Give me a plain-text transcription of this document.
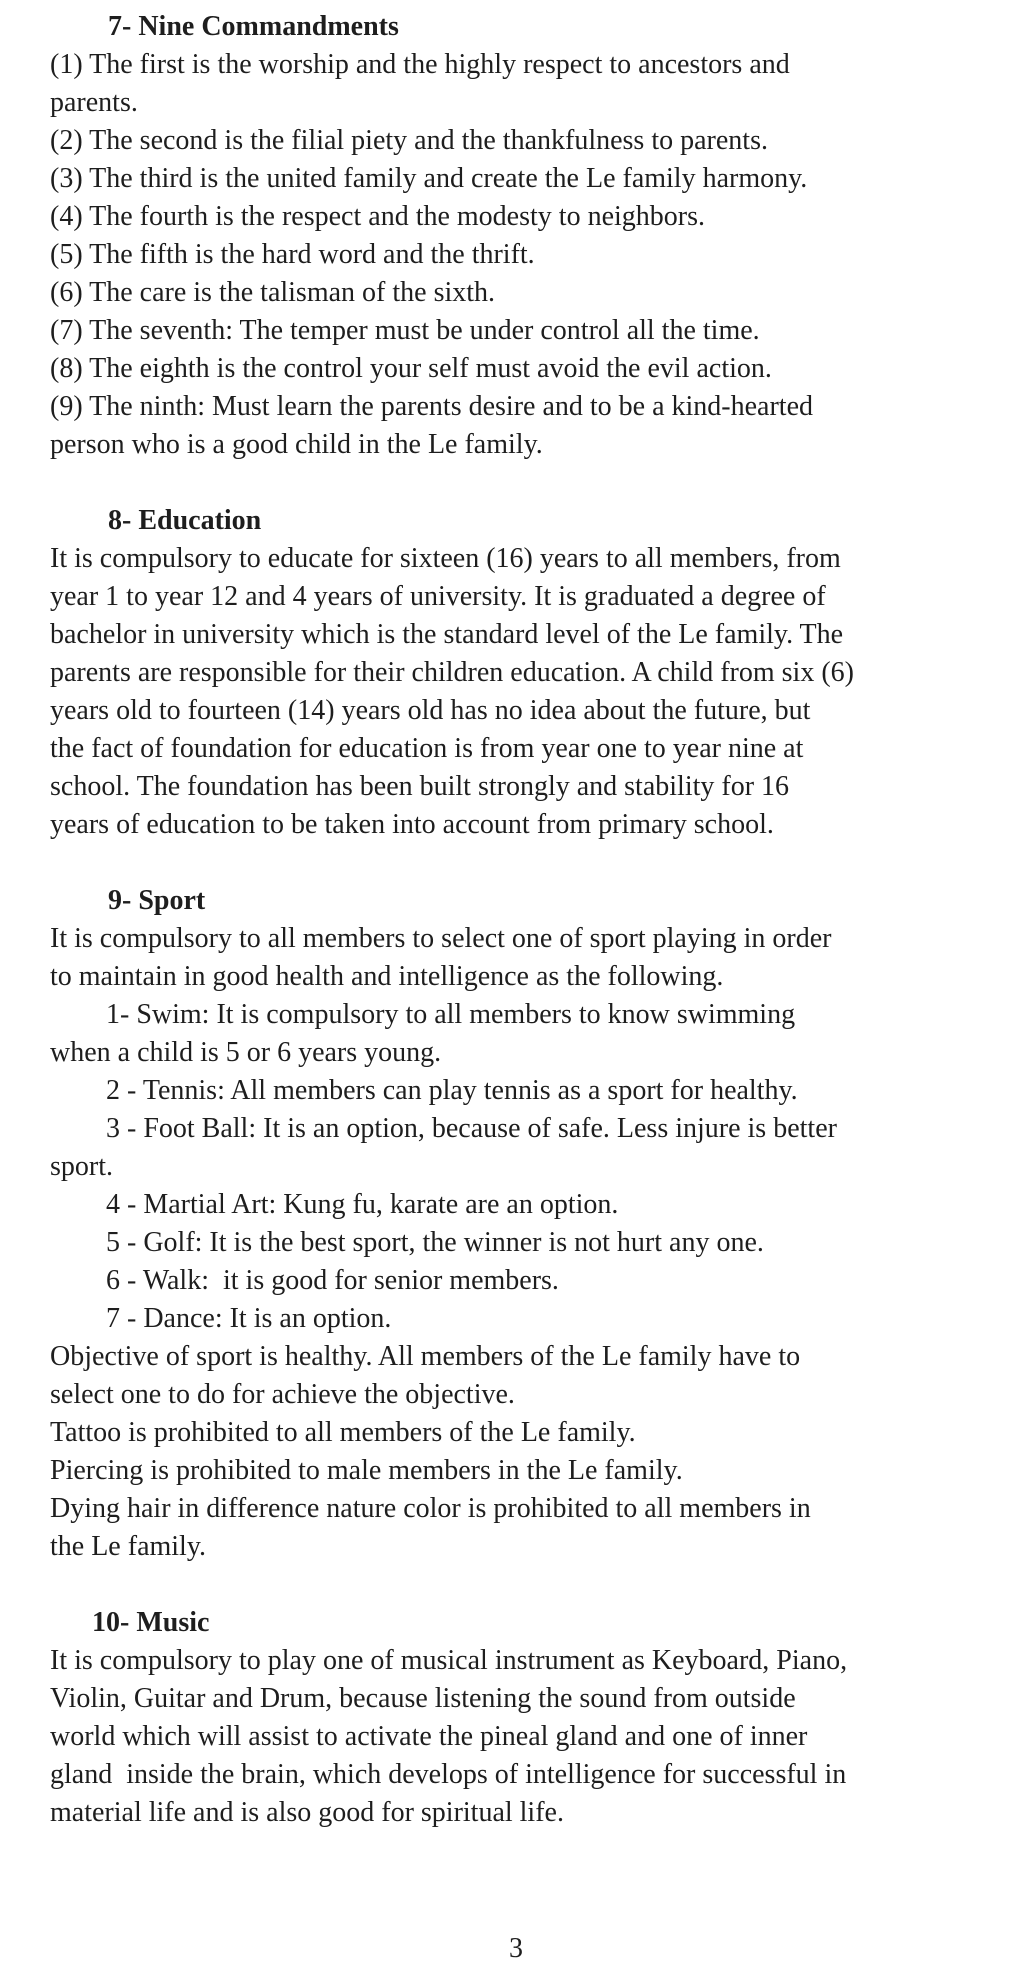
7- Nine Commandments
(1) The first is the worship and the highly respect to ancestors and
parents.
(2) The second is the filial piety and the thankfulness to parents.
(3) The third is the united family and create the Le family harmony.
(4) The fourth is the respect and the modesty to neighbors.
(5) The fifth is the hard word and the thrift.
(6) The care is the talisman of the sixth.
(7) The seventh: The temper must be under control all the time.
(8) The eighth is the control your self must avoid the evil action.
(9) The ninth: Must learn the parents desire and to be a kind-hearted
person who is a good child in the Le family.
8- Education
It is compulsory to educate for sixteen (16) years to all members, from
year 1 to year 12 and 4 years of university. It is graduated a degree of
bachelor in university which is the standard level of the Le family. The
parents are responsible for their children education. A child from six (6)
years old to fourteen (14) years old has no idea about the future, but
the fact of foundation for education is from year one to year nine at
school. The foundation has been built strongly and stability for 16
years of education to be taken into account from primary school.
9- Sport
It is compulsory to all members to select one of sport playing in order
to maintain in good health and intelligence as the following.
1- Swim: It is compulsory to all members to know swimming
when a child is 5 or 6 years young.
2 - Tennis: All members can play tennis as a sport for healthy.
3 - Foot Ball: It is an option, because of safe. Less injure is better
sport.
4 - Martial Art: Kung fu, karate are an option.
5 - Golf: It is the best sport, the winner is not hurt any one.
6 - Walk:  it is good for senior members.
7 - Dance: It is an option.
Objective of sport is healthy. All members of the Le family have to
select one to do for achieve the objective.
Tattoo is prohibited to all members of the Le family.
Piercing is prohibited to male members in the Le family.
Dying hair in difference nature color is prohibited to all members in
the Le family.
10- Music
It is compulsory to play one of musical instrument as Keyboard, Piano,
Violin, Guitar and Drum, because listening the sound from outside
world which will assist to activate the pineal gland and one of inner
gland  inside the brain, which develops of intelligence for successful in
material life and is also good for spiritual life.
3
